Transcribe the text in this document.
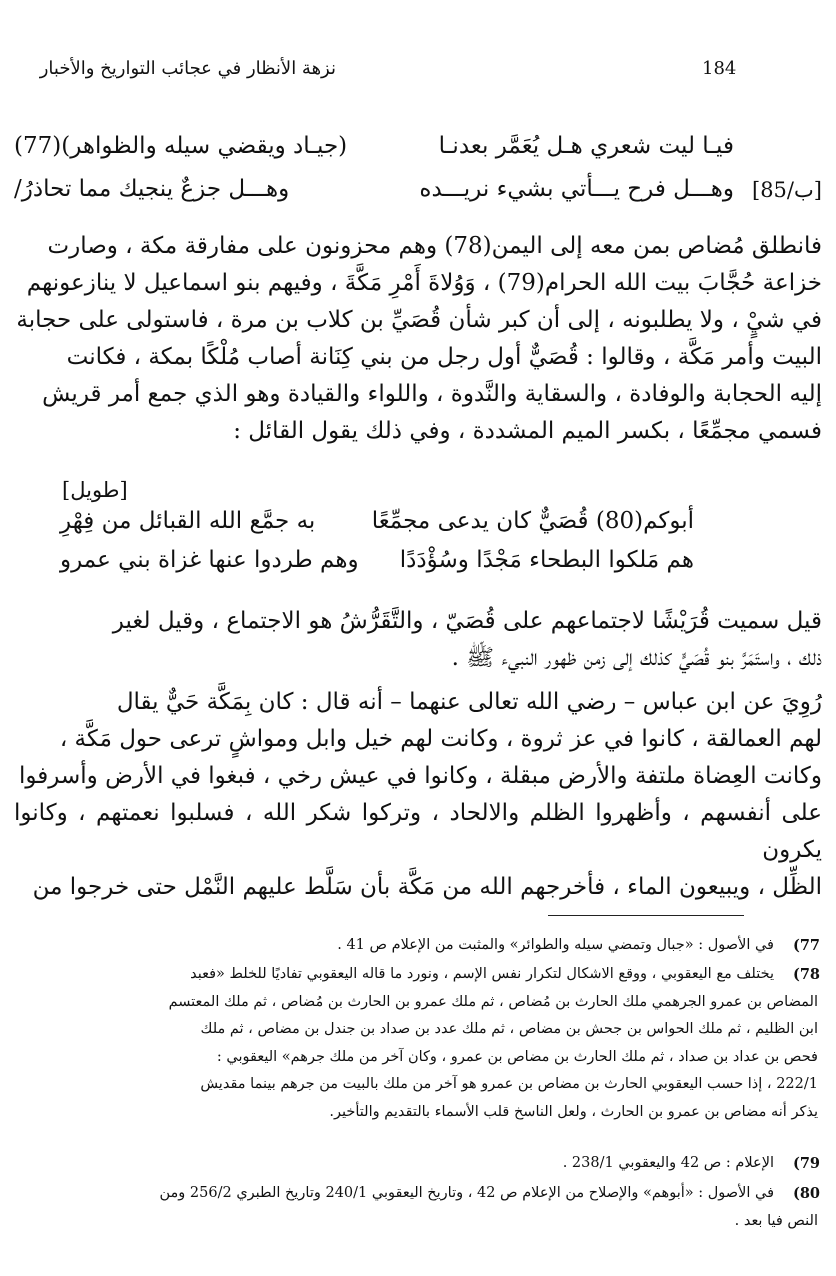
نزهة الأنظار في عجائب التواريخ والأخبار	184
فيـا ليت شعري هـل يُعَمَّر بعدنـا
(جيـاد ويقضي سيله والظواهر)(77)
وهـــل فرح يـــأتي بشيء نريـــده
وهـــل جزعٌ ينجيك مما تحاذرُ/	[85/ب]
فانطلق مُضاص بمن معه إلى اليمن(78) وهم محزونون على مفارقة مكة ، وصارت
خزاعة حُجَّابَ بيت الله الحرام(79) ، وَوُلاةَ أَمْرِ مَكَّةَ ، وفيهم بنو اسماعيل لا ينازعونهم
في شيٍْ ، ولا يطلبونه ، إلى أن كبر شأن قُصَيِّ بن كلاب بن مرة ، فاستولى على حجابة
البيت وأمر مَكَّة ، وقالوا : قُصَيٌّ أول رجل من بني كِنَانة أصاب مُلْكًا بمكة ، فكانت
إليه الحجابة والوفادة ، والسقاية والنَّدوة ، واللواء والقيادة وهو الذي جمع أمر قريش
فسمي مجمِّعًا ، بكسر الميم المشددة ، وفي ذلك يقول القائل :
[طويل]
أبوكم(80) قُصَيٌّ كان يدعى مجمِّعًا
به جمَّع الله القبائل من فِهْرِ
هم مَلكوا البطحاء مَجْدًا وسُؤْدَدًا
وهم طردوا عنها غزاة بني عمرو
قيل سميت قُرَيْشًا لاجتماعهم على قُصَيّ ، والتَّقَرُّشُ هو الاجتماع ، وقيل لغير
ذلك ، واستَمَرَّ بنو قُصَيٍّ كذلك إلى زمن ظهور النبيء ﷺ .
رُوِيَ عن ابن عباس – رضي الله تعالى عنهما – أنه قال : كان بِمَكَّة حَيٌّ يقال
لهم العمالقة ، كانوا في عز ثروة ، وكانت لهم خيل وابل ومواشٍ ترعى حول مَكَّة ،
وكانت العِضاة ملتفة والأرض مبقلة ، وكانوا في عيش رخي ، فبغوا في الأرض وأسرفوا
على أنفسهم ، وأظهروا الظلم والالحاد ، وتركوا شكر الله ، فسلبوا نعمتهم ، وكانوا يكرون
الظِّل ، ويبيعون الماء ، فأخرجهم الله من مَكَّة بأن سَلَّط عليهم النَّمْل حتى خرجوا من
77)
في الأصول : «جبال وتمضي سيله والطوائر» والمثبت من الإعلام ص 41 .
78)
يختلف مع اليعقوبي ، ووقع الاشكال لتكرار نفس الإسم ، ونورد ما قاله اليعقوبي تفاديًا للخلط «فعبد
المضاص بن عمرو الجرهمي ملك الحارث بن مُضاص ، ثم ملك عمرو بن الحارث بن مُضاص ، ثم ملك المعتسم
ابن الظليم ، ثم ملك الحواس بن جحش بن مضاص ، ثم ملك عدد بن صداد بن جندل بن مضاص ، ثم ملك
فحص بن عداد بن صداد ، ثم ملك الحارث بن مضاص بن عمرو ، وكان آخر من ملك جرهم» اليعقوبي :
222/1 ، إذا حسب اليعقوبي الحارث بن مضاص بن عمرو هو آخر من ملك بالبيت من جرهم بينما مقديش
يذكر أنه مضاص بن عمرو بن الحارث ، ولعل الناسخ قلب الأسماء بالتقديم والتأخير.
79)
الإعلام : ص 42 واليعقوبي 238/1 .
80)
في الأصول : «أبوهم» والإصلاح من الإعلام ص 42 ، وتاريخ اليعقوبي 240/1 وتاريخ الطبري 256/2 ومن
النص فيا بعد .
